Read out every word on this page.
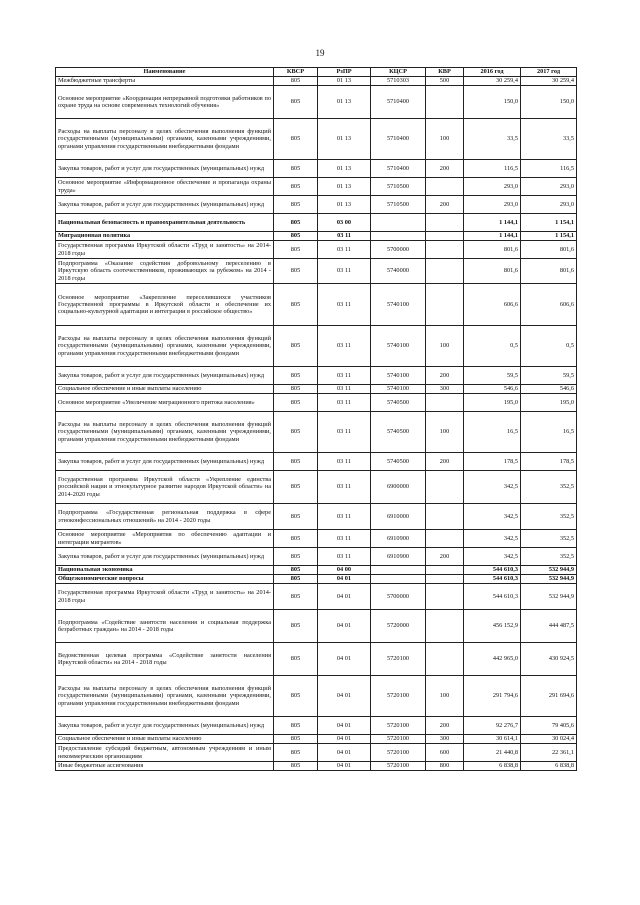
19
Наименование	КВСР	РзПР	КЦСР	КВР	2016 год	2017 год
Межбюджетные трансферты	805	01 13	5710303	500	30 259,4	30 259,4
Основное мероприятие «Координация непрерывной подготовки работников по охране труда на основе современных технологий обучения»	805	01 13	5710400		150,0	150,0
Расходы на выплаты персоналу в целях обеспечения выполнения функций государственными (муниципальными) органами, казенными учреждениями, органами управления государственными внебюджетными фондами	805	01 13	5710400	100	33,5	33,5
Закупка товаров, работ и услуг для государственных (муниципальных) нужд	805	01 13	5710400	200	116,5	116,5
Основное мероприятие «Информационное обеспечение и пропаганда охраны труда»	805	01 13	5710500		293,0	293,0
Закупка товаров, работ и услуг для государственных (муниципальных) нужд	805	01 13	5710500	200	293,0	293,0
Национальная безопасность и правоохранительная деятельность	805	03 00			1 144,1	1 154,1
Миграционная политика	805	03 11			1 144,1	1 154,1
Государственная программа Иркутской области «Труд и занятость» на 2014-2018 годы	805	03 11	5700000		801,6	801,6
Подпрограмма «Оказание содействия добровольному переселению в Иркутскую область соотечественников, проживающих за рубежом» на 2014 - 2018 годы	805	03 11	5740000		801,6	801,6
Основное мероприятие «Закрепление переселившихся участников Государственной программы в Иркутской области и обеспечение их социально-культурной адаптации и интеграции в российское общество»	805	03 11	5740100		606,6	606,6
Расходы на выплаты персоналу в целях обеспечения выполнения функций государственными (муниципальными) органами, казенными учреждениями, органами управления государственными внебюджетными фондами	805	03 11	5740100	100	0,5	0,5
Закупка товаров, работ и услуг для государственных (муниципальных) нужд	805	03 11	5740100	200	59,5	59,5
Социальное обеспечение и иные выплаты населению	805	03 11	5740100	300	546,6	546,6
Основное мероприятие «Увеличение миграционного притока населения»	805	03 11	5740500		195,0	195,0
Расходы на выплаты персоналу в целях обеспечения выполнения функций государственными (муниципальными) органами, казенными учреждениями, органами управления государственными внебюджетными фондами	805	03 11	5740500	100	16,5	16,5
Закупка товаров, работ и услуг для государственных (муниципальных) нужд	805	03 11	5740500	200	178,5	178,5
Государственная программа Иркутской области «Укрепление единства российской нации и этнокультурное развитие народов Иркутской области» на 2014-2020 годы	805	03 11	6900000		342,5	352,5
Подпрограмма «Государственная региональная поддержка в сфере этноконфессиональных отношений» на 2014 - 2020 годы	805	03 11	6910000		342,5	352,5
Основное мероприятие «Мероприятия по обеспечению адаптации и интеграции мигрантов»	805	03 11	6910900		342,5	352,5
Закупка товаров, работ и услуг для государственных (муниципальных) нужд	805	03 11	6910900	200	342,5	352,5
Национальная экономика	805	04 00			544 610,3	532 944,9
Общеэкономические вопросы	805	04 01			544 610,3	532 944,9
Государственная программа Иркутской области «Труд и занятость» на 2014-2018 годы	805	04 01	5700000		544 610,3	532 944,9
Подпрограмма «Содействие занятости населения и социальная поддержка безработных граждан» на 2014 - 2018 годы	805	04 01	5720000		456 152,9	444 487,5
Ведомственная целевая программа «Содействие занятости населения Иркутской области» на 2014 - 2018 годы	805	04 01	5720100		442 965,0	430 924,5
Расходы на выплаты персоналу в целях обеспечения выполнения функций государственными (муниципальными) органами, казенными учреждениями, органами управления государственными внебюджетными фондами	805	04 01	5720100	100	291 794,6	291 694,6
Закупка товаров, работ и услуг для государственных (муниципальных) нужд	805	04 01	5720100	200	92 276,7	79 405,6
Социальное обеспечение и иные выплаты населению	805	04 01	5720100	300	30 614,1	30 024,4
Предоставление субсидий бюджетным, автономным учреждениям и иным некоммерческим организациям	805	04 01	5720100	600	21 440,8	22 361,1
Иные бюджетные ассигнования	805	04 01	5720100	800	6 838,8	6 838,8
